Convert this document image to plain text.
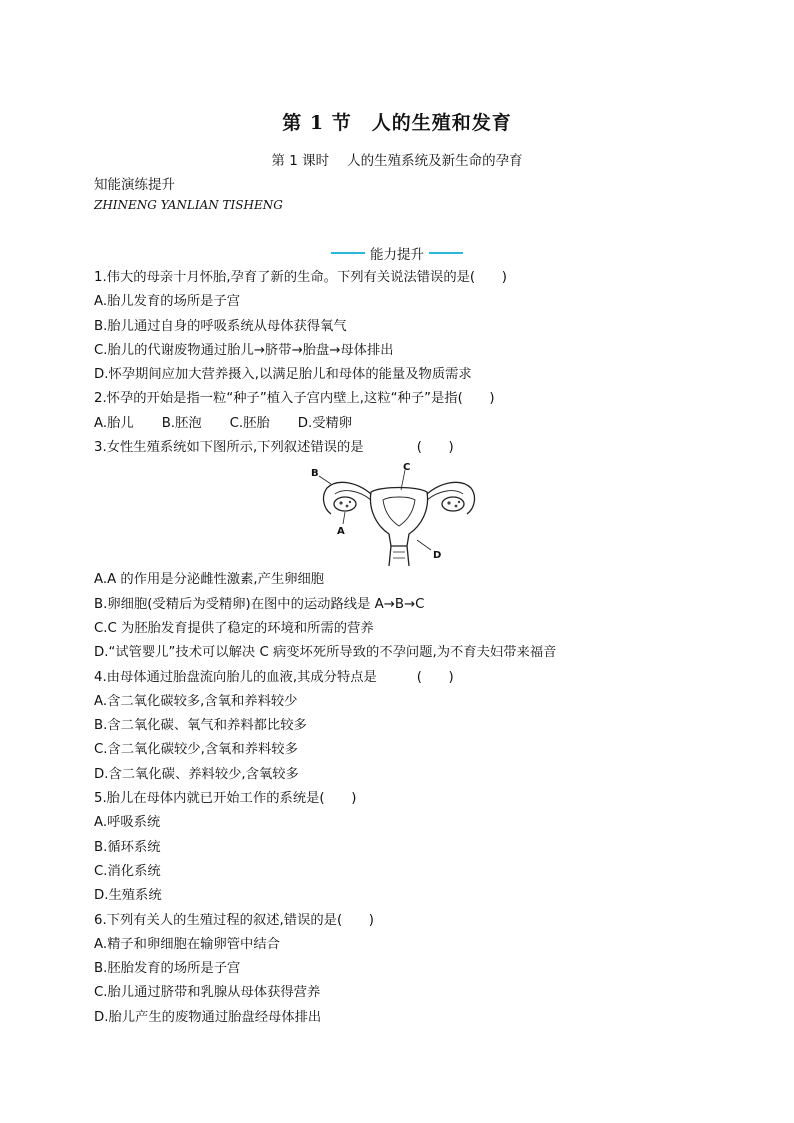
第 1 节　人的生殖和发育
第 1 课时 人的生殖系统及新生命的孕育
知能演练提升
ZHINENG YANLIAN TISHENG
能力提升
1.伟大的母亲十月怀胎,孕育了新的生命。下列有关说法错误的是(　　)
A.胎儿发育的场所是子宫
B.胎儿通过自身的呼吸系统从母体获得氧气
C.胎儿的代谢废物通过胎儿→脐带→胎盘→母体排出
D.怀孕期间应加大营养摄入,以满足胎儿和母体的能量及物质需求
2.怀孕的开始是指一粒“种子”植入子宫内壁上,这粒“种子”是指(　　)
A.胎儿 B.胚泡 C.胚胎 D.受精卵
3.女性生殖系统如下图所示,下列叙述错误的是　　　　(　　)
B
C
A
D
A.A 的作用是分泌雌性激素,产生卵细胞
B.卵细胞(受精后为受精卵)在图中的运动路线是 A→B→C
C.C 为胚胎发育提供了稳定的环境和所需的营养
D.“试管婴儿”技术可以解决 C 病变坏死所导致的不孕问题,为不育夫妇带来福音
4.由母体通过胎盘流向胎儿的血液,其成分特点是　　　(　　)
A.含二氧化碳较多,含氧和养料较少
B.含二氧化碳、氧气和养料都比较多
C.含二氧化碳较少,含氧和养料较多
D.含二氧化碳、养料较少,含氧较多
5.胎儿在母体内就已开始工作的系统是(　　)
A.呼吸系统
B.循环系统
C.消化系统
D.生殖系统
6.下列有关人的生殖过程的叙述,错误的是(　　)
A.精子和卵细胞在输卵管中结合
B.胚胎发育的场所是子宫
C.胎儿通过脐带和乳腺从母体获得营养
D.胎儿产生的废物通过胎盘经母体排出
